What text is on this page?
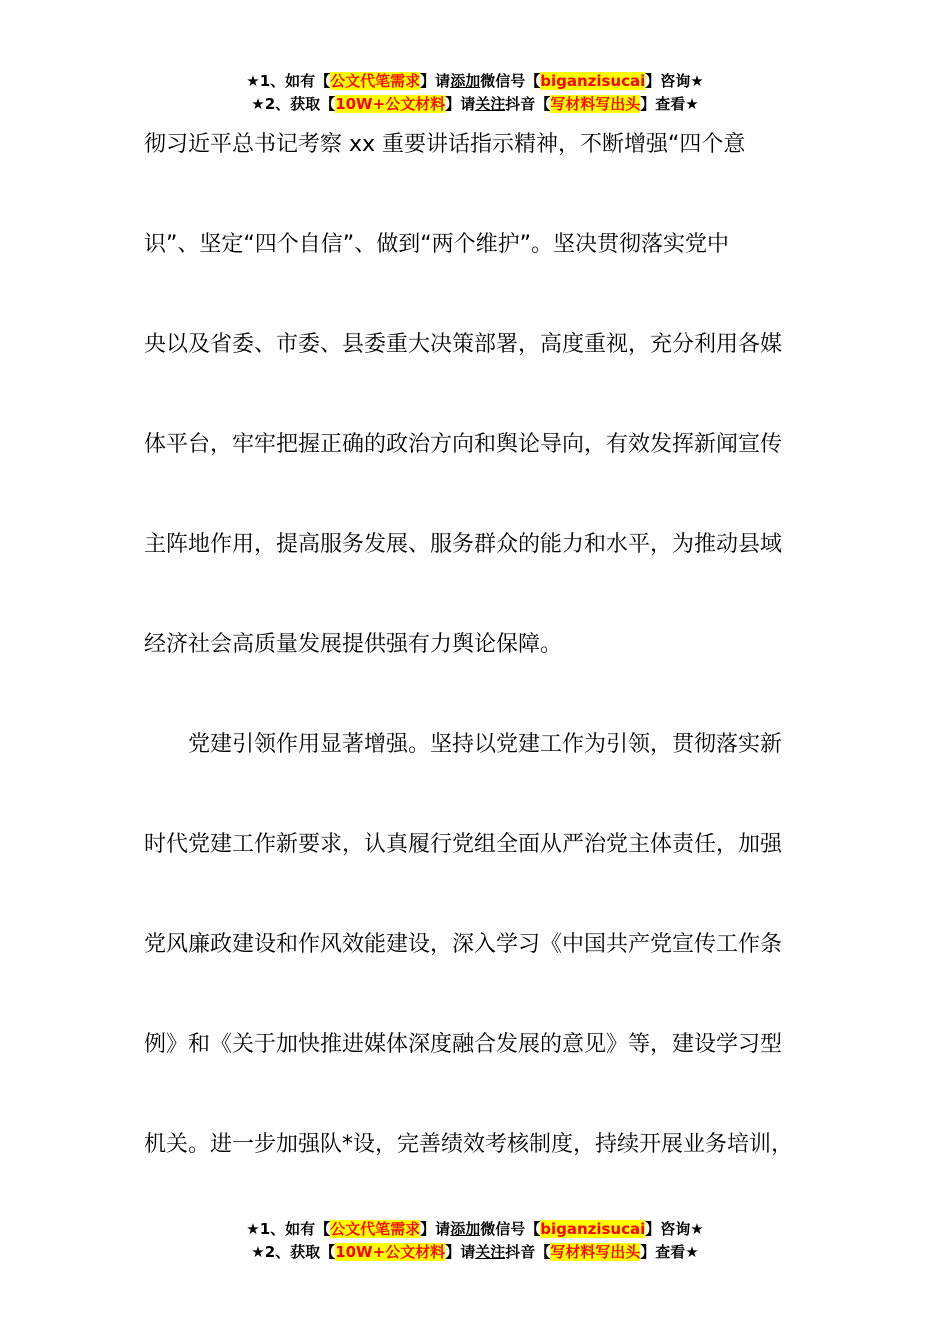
★1、如有【公文代笔需求】请添加微信号【biganzisucai】咨询★
★2、获取【10W+公文材料】请关注抖音【写材料写出头】查看★
彻习近平总书记考察 xx 重要讲话指示精神，不断增强“四个意
识”、坚定“四个自信”、做到“两个维护”。坚决贯彻落实党中
央以及省委、市委、县委重大决策部署，高度重视，充分利用各媒
体平台，牢牢把握正确的政治方向和舆论导向，有效发挥新闻宣传
主阵地作用，提高服务发展、服务群众的能力和水平，为推动县域
经济社会高质量发展提供强有力舆论保障。
党建引领作用显著增强。坚持以党建工作为引领，贯彻落实新
时代党建工作新要求，认真履行党组全面从严治党主体责任，加强
党风廉政建设和作风效能建设，深入学习《中国共产党宣传工作条
例》和《关于加快推进媒体深度融合发展的意见》等，建设学习型
机关。进一步加强队*设，完善绩效考核制度，持续开展业务培训，
★1、如有【公文代笔需求】请添加微信号【biganzisucai】咨询★
★2、获取【10W+公文材料】请关注抖音【写材料写出头】查看★
